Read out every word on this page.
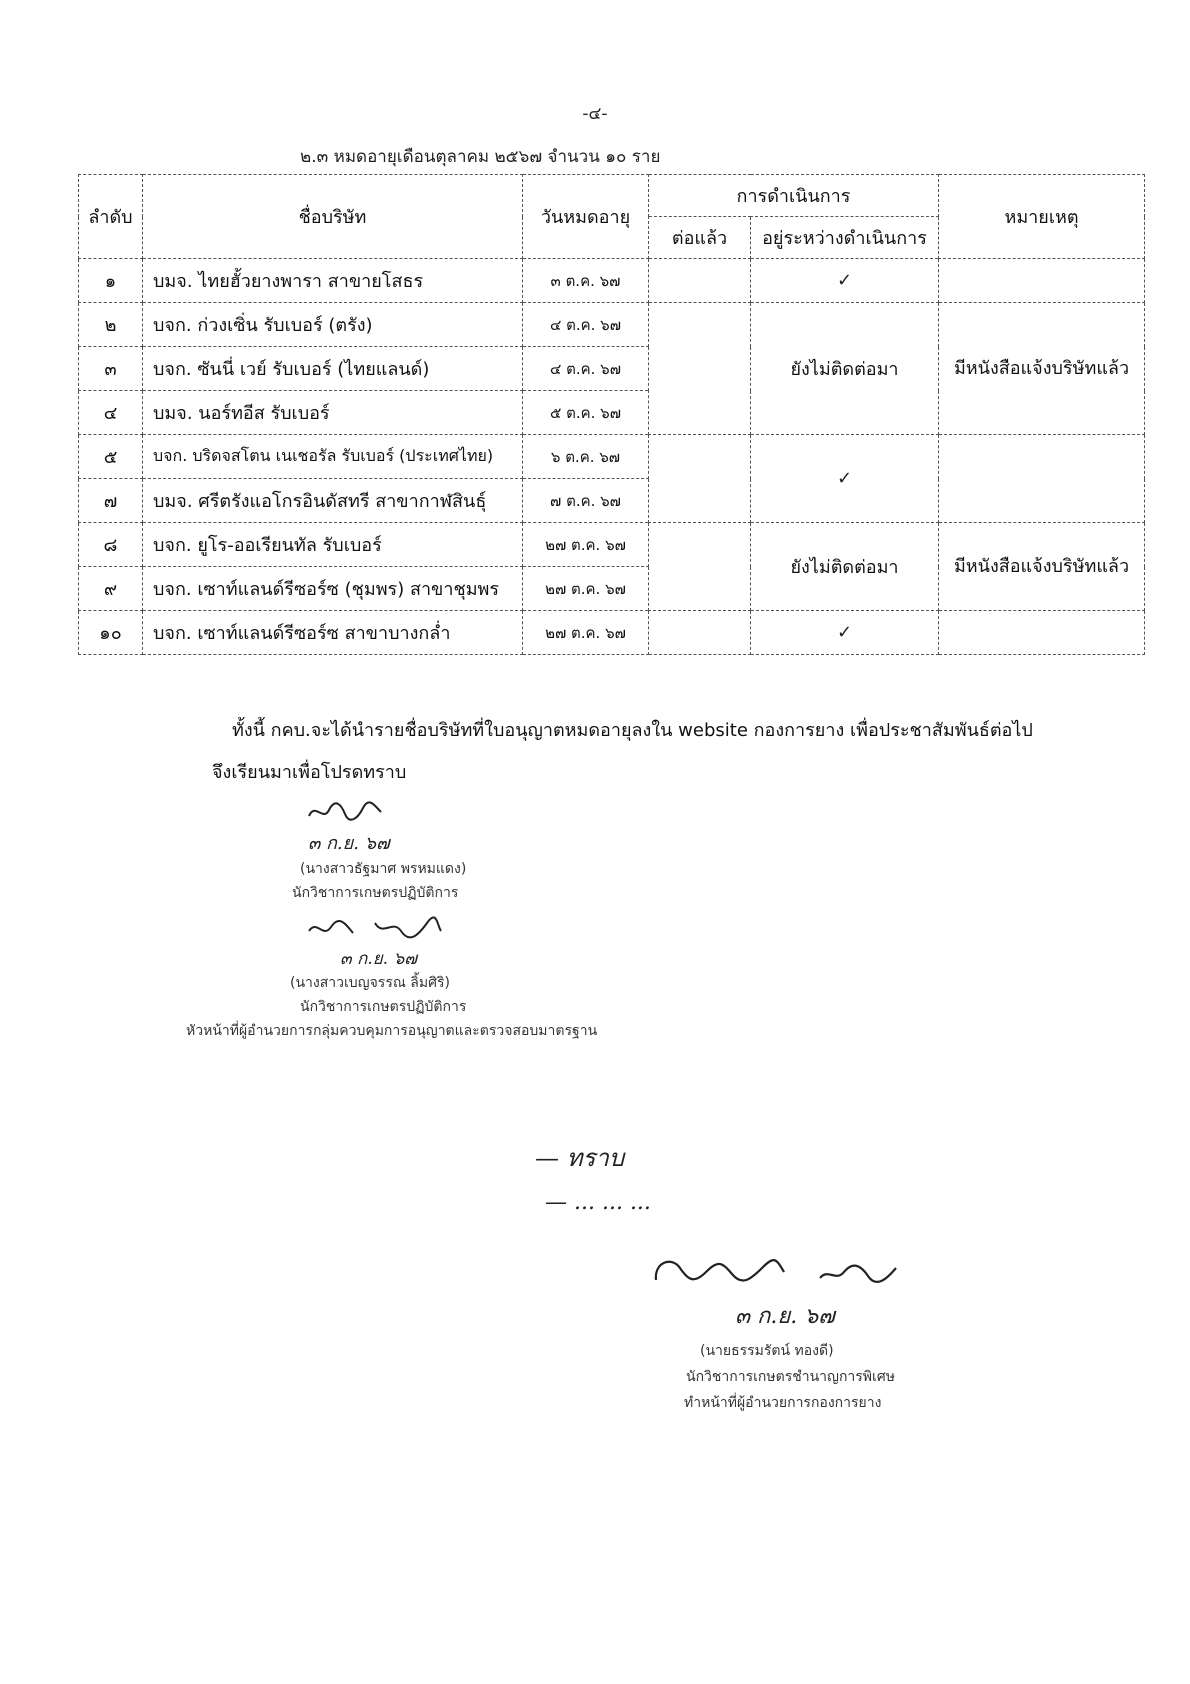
-๔-
๒.๓ หมดอายุเดือนตุลาคม ๒๕๖๗ จำนวน ๑๐ ราย
ลำดับ	ชื่อบริษัท	วันหมดอายุ	การดำเนินการ		หมายเหตุ
			ต่อแล้ว	อยู่ระหว่างดำเนินการ	
๑	บมจ. ไทยฮั้วยางพารา สาขายโสธร	๓ ต.ค. ๖๗		✓	
๒	บจก. ก่วงเซิ่น รับเบอร์ (ตรัง)	๔ ต.ค. ๖๗		ยังไม่ติดต่อมา	มีหนังสือแจ้งบริษัทแล้ว
๓	บจก. ซันนี่ เวย์ รับเบอร์ (ไทยแลนด์)	๔ ต.ค. ๖๗			
๔	บมจ. นอร์ทอีส รับเบอร์	๕ ต.ค. ๖๗			
๕	บจก. บริดจสโตน เนเชอรัล รับเบอร์ (ประเทศไทย)	๖ ต.ค. ๖๗		✓	
๗	บมจ. ศรีตรังแอโกรอินดัสทรี สาขากาฬสินธุ์	๗ ต.ค. ๖๗			
๘	บจก. ยูโร-ออเรียนทัล รับเบอร์	๒๗ ต.ค. ๖๗		ยังไม่ติดต่อมา	มีหนังสือแจ้งบริษัทแล้ว
๙	บจก. เซาท์แลนด์รีซอร์ซ (ชุมพร) สาขาชุมพร	๒๗ ต.ค. ๖๗			
๑๐	บจก. เซาท์แลนด์รีซอร์ซ สาขาบางกล่ำ	๒๗ ต.ค. ๖๗		✓	
ทั้งนี้ กคบ.จะได้นำรายชื่อบริษัทที่ใบอนุญาตหมดอายุลงใน website กองการยาง เพื่อประชาสัมพันธ์ต่อไป
จึงเรียนมาเพื่อโปรดทราบ
๓ ก.ย. ๖๗
(นางสาวธัฐมาศ พรหมแดง)
นักวิชาการเกษตรปฏิบัติการ
๓ ก.ย. ๖๗
(นางสาวเบญจรรณ ลิ้มศิริ)
นักวิชาการเกษตรปฏิบัติการ
หัวหน้าที่ผู้อำนวยการกลุ่มควบคุมการอนุญาตและตรวจสอบมาตรฐาน
— ทราบ
— ... ... ...
๓ ก.ย. ๖๗
(นายธรรมรัตน์ ทองดี)
นักวิชาการเกษตรชำนาญการพิเศษ
ทำหน้าที่ผู้อำนวยการกองการยาง
